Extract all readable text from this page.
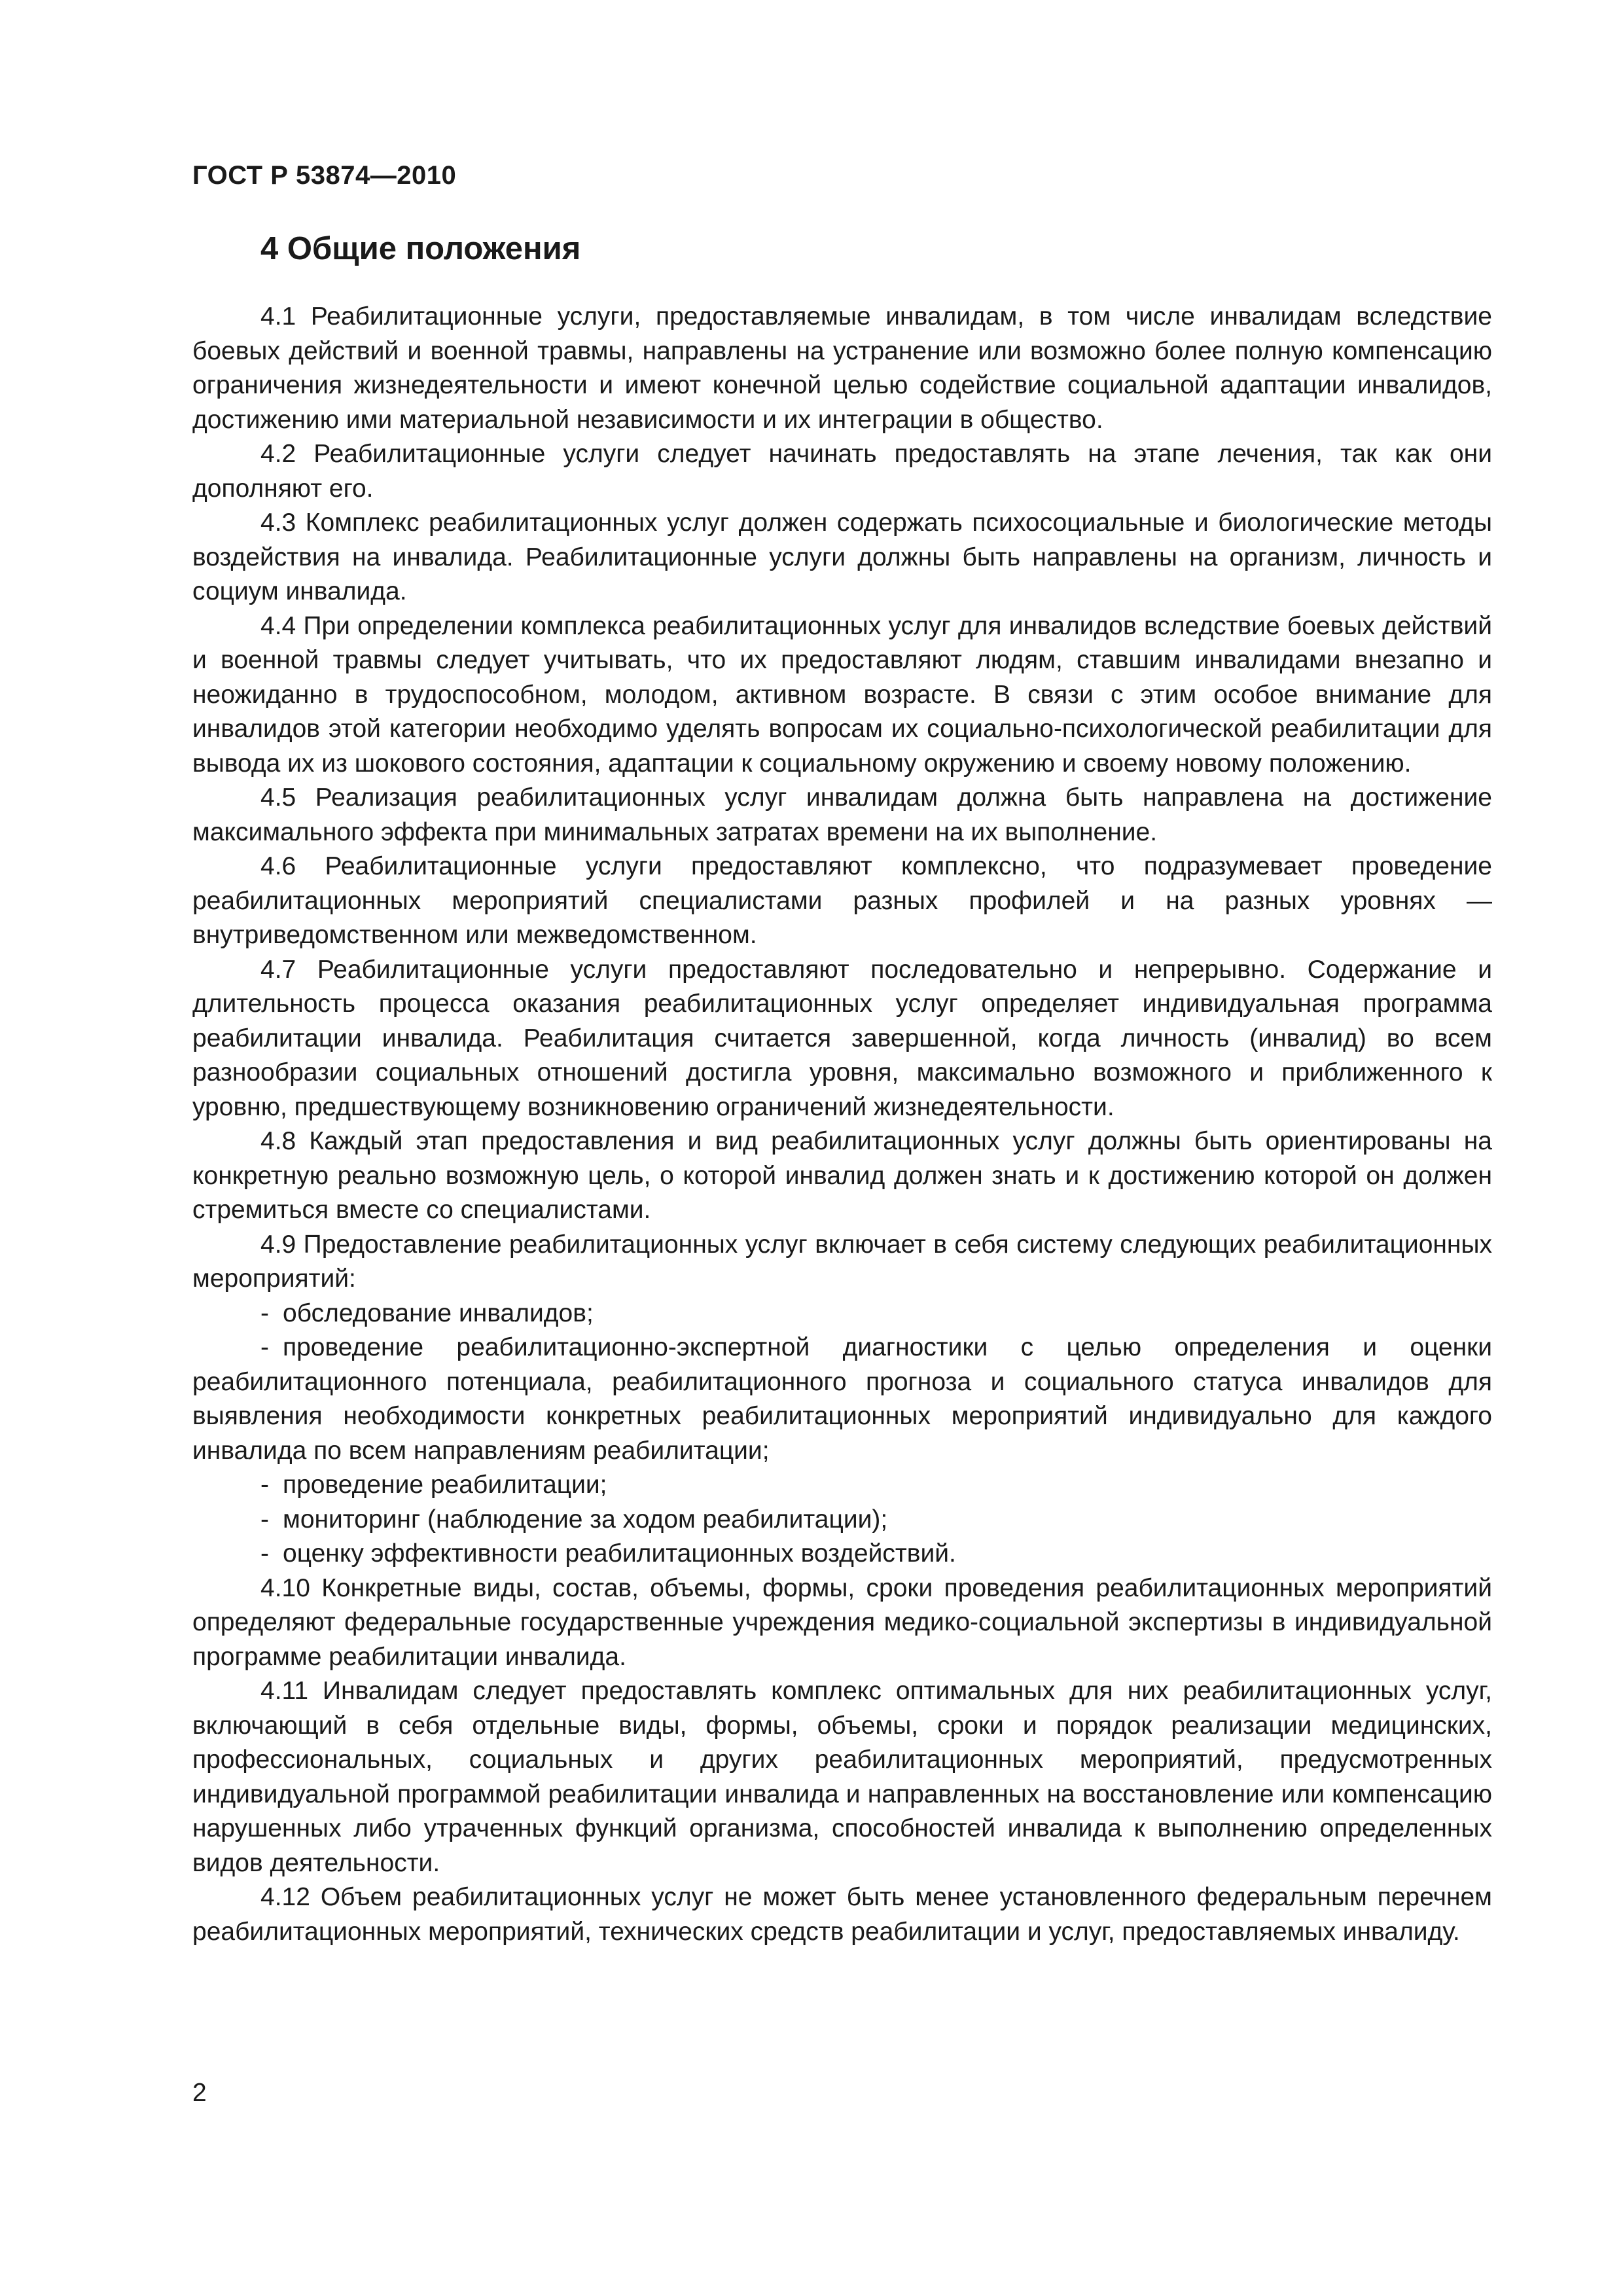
ГОСТ Р 53874—2010

4 Общие положения

4.1 Реабилитационные услуги, предоставляемые инвалидам, в том числе инвалидам вследствие боевых действий и военной травмы, направлены на устранение или возможно более полную компенсацию ограничения жизнедеятельности и имеют конечной целью содействие социальной адаптации инвалидов, достижению ими материальной независимости и их интеграции в общество.

4.2 Реабилитационные услуги следует начинать предоставлять на этапе лечения, так как они дополняют его.

4.3 Комплекс реабилитационных услуг должен содержать психосоциальные и биологические методы воздействия на инвалида. Реабилитационные услуги должны быть направлены на организм, личность и социум инвалида.

4.4 При определении комплекса реабилитационных услуг для инвалидов вследствие боевых действий и военной травмы следует учитывать, что их предоставляют людям, ставшим инвалидами внезапно и неожиданно в трудоспособном, молодом, активном возрасте. В связи с этим особое внимание для инвалидов этой категории необходимо уделять вопросам их социально-психологической реабилитации для вывода их из шокового состояния, адаптации к социальному окружению и своему новому положению.

4.5 Реализация реабилитационных услуг инвалидам должна быть направлена на достижение максимального эффекта при минимальных затратах времени на их выполнение.

4.6 Реабилитационные услуги предоставляют комплексно, что подразумевает проведение реабилитационных мероприятий специалистами разных профилей и на разных уровнях — внутриведомственном или межведомственном.

4.7 Реабилитационные услуги предоставляют последовательно и непрерывно. Содержание и длительность процесса оказания реабилитационных услуг определяет индивидуальная программа реабилитации инвалида. Реабилитация считается завершенной, когда личность (инвалид) во всем разнообразии социальных отношений достигла уровня, максимально возможного и приближенного к уровню, предшествующему возникновению ограничений жизнедеятельности.

4.8 Каждый этап предоставления и вид реабилитационных услуг должны быть ориентированы на конкретную реально возможную цель, о которой инвалид должен знать и к достижению которой он должен стремиться вместе со специалистами.

4.9 Предоставление реабилитационных услуг включает в себя систему следующих реабилитационных мероприятий:

- обследование инвалидов;
- проведение реабилитационно-экспертной диагностики с целью определения и оценки реабилитационного потенциала, реабилитационного прогноза и социального статуса инвалидов для выявления необходимости конкретных реабилитационных мероприятий индивидуально для каждого инвалида по всем направлениям реабилитации;
- проведение реабилитации;
- мониторинг (наблюдение за ходом реабилитации);
- оценку эффективности реабилитационных воздействий.

4.10 Конкретные виды, состав, объемы, формы, сроки проведения реабилитационных мероприятий определяют федеральные государственные учреждения медико-социальной экспертизы в индивидуальной программе реабилитации инвалида.

4.11 Инвалидам следует предоставлять комплекс оптимальных для них реабилитационных услуг, включающий в себя отдельные виды, формы, объемы, сроки и порядок реализации медицинских, профессиональных, социальных и других реабилитационных мероприятий, предусмотренных индивидуальной программой реабилитации инвалида и направленных на восстановление или компенсацию нарушенных либо утраченных функций организма, способностей инвалида к выполнению определенных видов деятельности.

4.12 Объем реабилитационных услуг не может быть менее установленного федеральным перечнем реабилитационных мероприятий, технических средств реабилитации и услуг, предоставляемых инвалиду.

2
